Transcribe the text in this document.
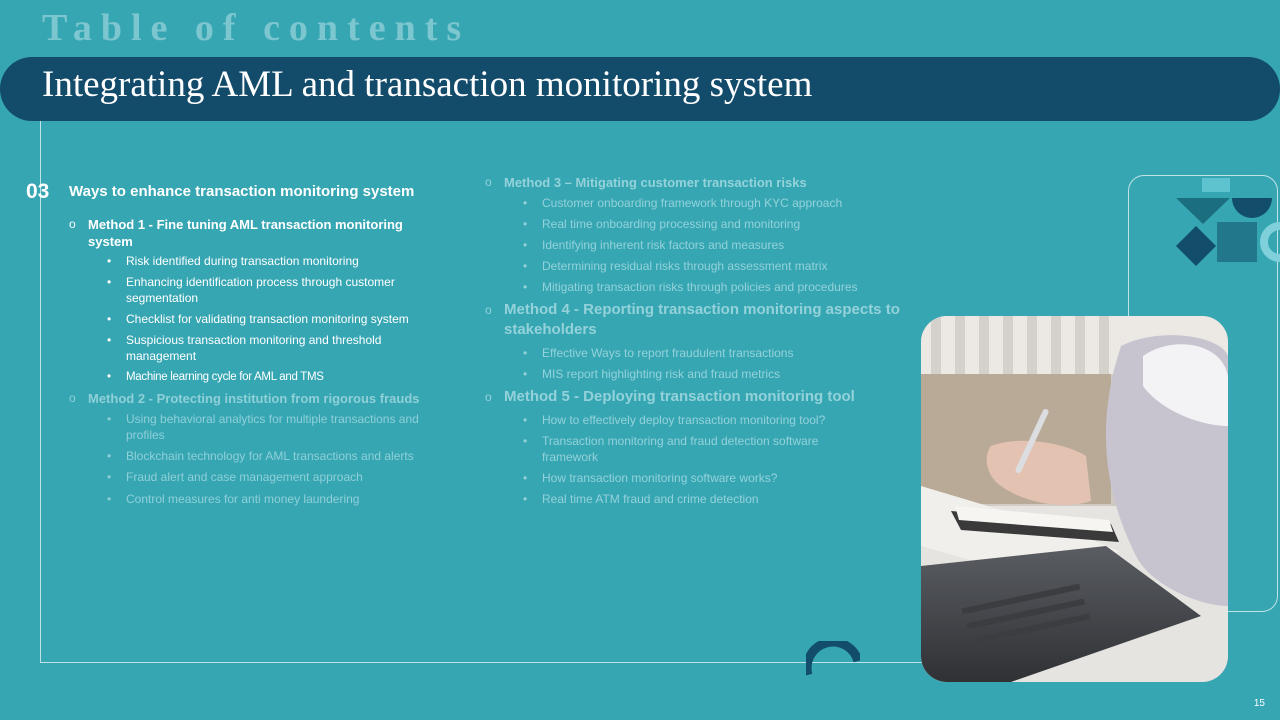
Table of contents
Integrating AML and transaction monitoring system
03 Ways to enhance transaction monitoring system
o Method 1 - Fine tuning AML transaction monitoring system
• Risk identified during transaction monitoring
• Enhancing identification process through customer segmentation
• Checklist for validating transaction monitoring system
• Suspicious transaction monitoring and threshold management
• Machine learning cycle for AML and TMS
o Method 2 - Protecting institution from rigorous frauds
• Using behavioral analytics for multiple transactions and profiles
• Blockchain technology for AML transactions and alerts
• Fraud alert and case management approach
• Control measures for anti money laundering
o Method 3 – Mitigating customer transaction risks
• Customer onboarding framework through KYC approach
• Real time onboarding processing and monitoring
• Identifying inherent risk factors and measures
• Determining residual risks through assessment matrix
• Mitigating transaction risks through policies and procedures
o Method 4 - Reporting transaction monitoring aspects to stakeholders
• Effective Ways to report fraudulent transactions
• MIS report highlighting risk and fraud metrics
o Method 5 - Deploying transaction monitoring tool
• How to effectively deploy transaction monitoring tool?
• Transaction monitoring and fraud detection software framework
• How transaction monitoring software works?
• Real time ATM fraud and crime detection
15
